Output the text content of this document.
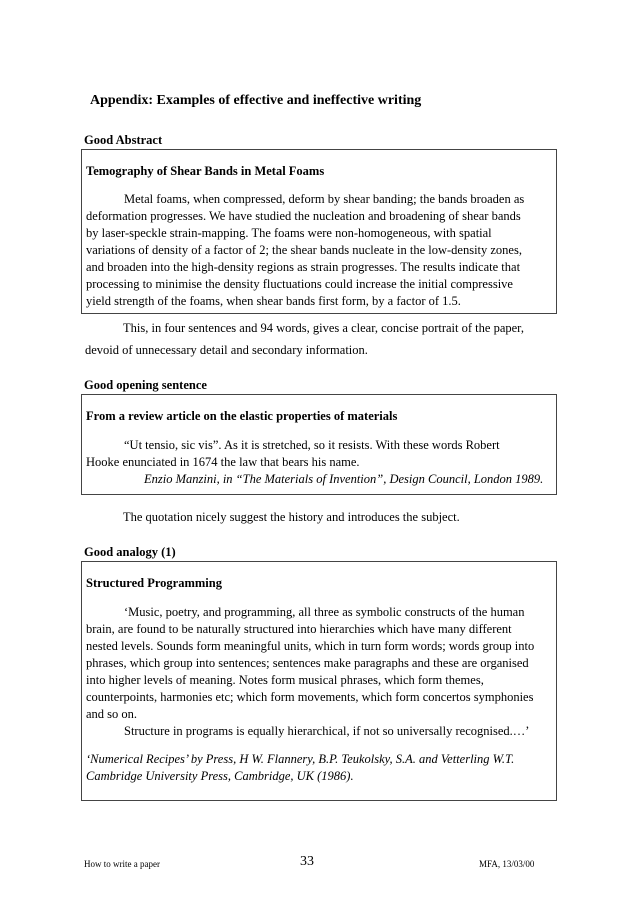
Appendix: Examples of effective and ineffective writing
Good Abstract
Temography of Shear Bands in Metal Foams
Metal foams, when compressed, deform by shear banding; the bands broaden as
deformation progresses. We have studied the nucleation and broadening of shear bands
by laser-speckle strain-mapping. The foams were non-homogeneous, with spatial
variations of density of a factor of 2; the shear bands nucleate in the low-density zones,
and broaden into the high-density regions as strain progresses. The results indicate that
processing to minimise the density fluctuations could increase the initial compressive
yield strength of the foams, when shear bands first form, by a factor of 1.5.
This, in four sentences and 94 words, gives a clear, concise portrait of the paper,
devoid of unnecessary detail and secondary information.
Good opening sentence
From a review article on the elastic properties of materials
“Ut tensio, sic vis”. As it is stretched, so it resists. With these words Robert
Hooke enunciated in 1674 the law that bears his name.
Enzio Manzini, in “The Materials of Invention”, Design Council, London 1989.
The quotation nicely suggest the history and introduces the subject.
Good analogy (1)
Structured Programming
‘Music, poetry, and programming, all three as symbolic constructs of the human
brain, are found to be naturally structured into hierarchies which have many different
nested levels. Sounds form meaningful units, which in turn form words; words group into
phrases, which group into sentences; sentences make paragraphs and these are organised
into higher levels of meaning. Notes form musical phrases, which form themes,
counterpoints, harmonies etc; which form movements, which form concertos symphonies
and so on.
Structure in programs is equally hierarchical, if not so universally recognised.…’
‘Numerical Recipes’ by Press, H W. Flannery, B.P. Teukolsky, S.A. and Vetterling W.T.
Cambridge University Press, Cambridge, UK (1986).
How to write a paper	33	MFA, 13/03/00
